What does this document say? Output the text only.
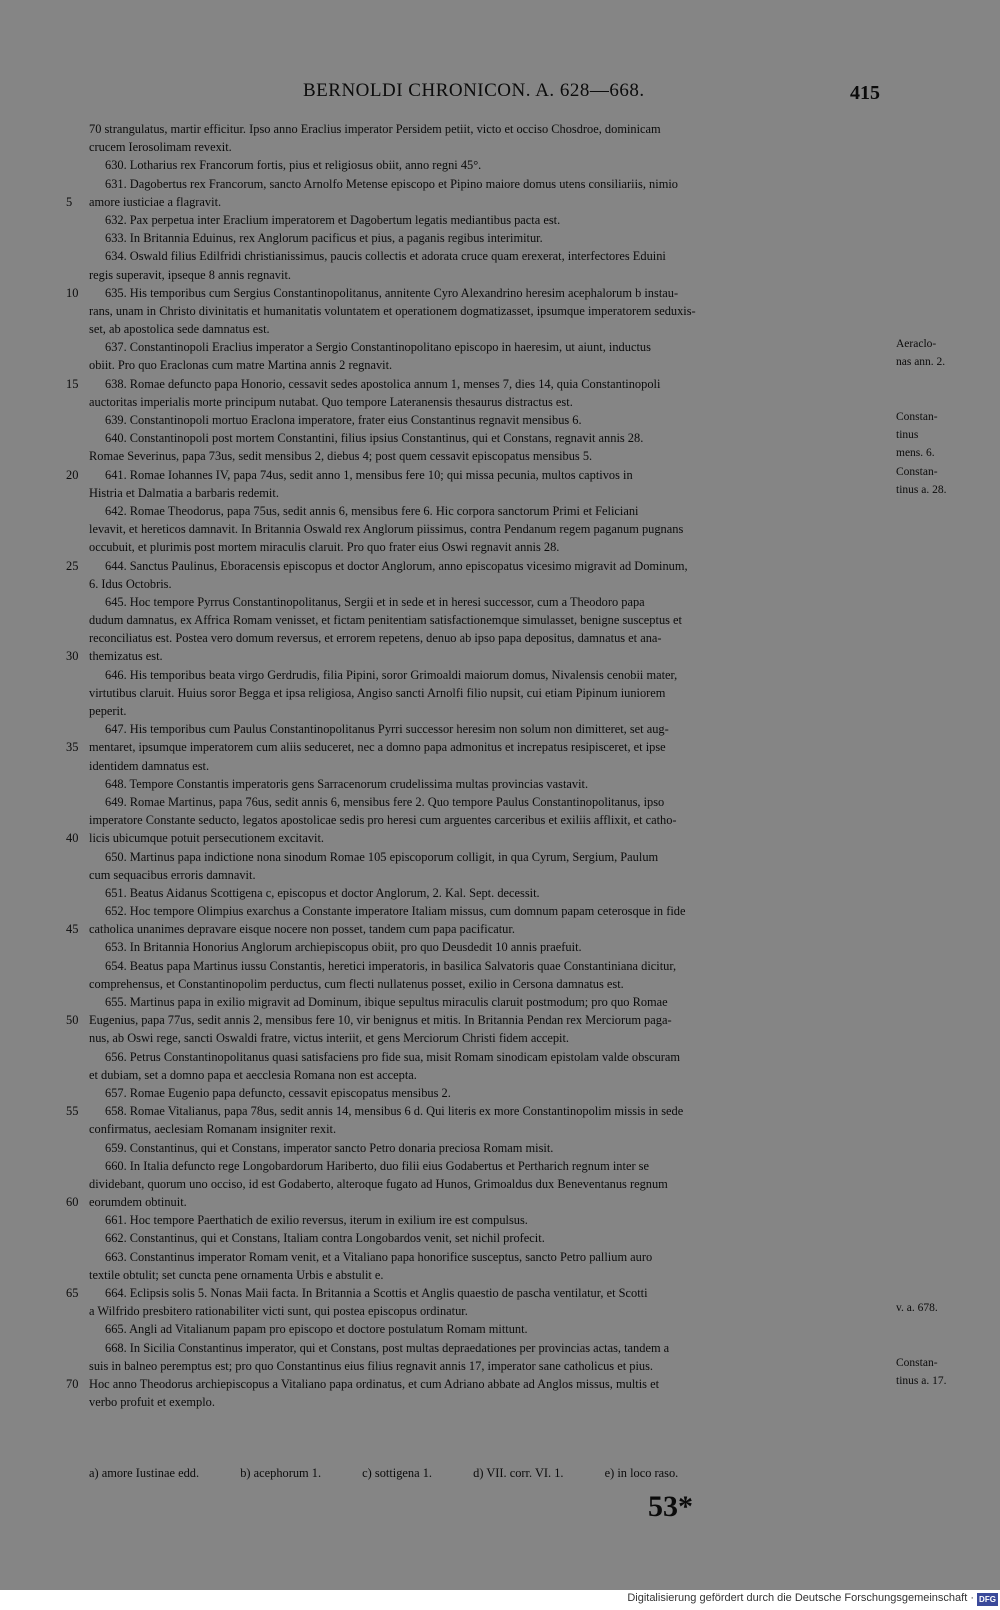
BERNOLDI CHRONICON. A. 628—668.	415
70 strangulatus, martir efficitur. Ipso anno Eraclius imperator Persidem petiit, victo et occiso Chosdroe, dominicam
crucem Ierosolimam revexit.
630. Lotharius rex Francorum fortis, pius et religiosus obiit, anno regni 45°.
631. Dagobertus rex Francorum, sancto Arnolfo Metense episcopo et Pipino maiore domus utens consiliariis, nimio
5	amore iusticiae a flagravit.
632. Pax perpetua inter Eraclium imperatorem et Dagobertum legatis mediantibus pacta est.
633. In Britannia Eduinus, rex Anglorum pacificus et pius, a paganis regibus interimitur.
634. Oswald filius Edilfridi christianissimus, paucis collectis et adorata cruce quam erexerat, interfectores Eduini
regis superavit, ipseque 8 annis regnavit.
10	635. His temporibus cum Sergius Constantinopolitanus, annitente Cyro Alexandrino heresim acephalorum b instau-
rans, unam in Christo divinitatis et humanitatis voluntatem et operationem dogmatizasset, ipsumque imperatorem seduxis-
set, ab apostolica sede damnatus est.
637. Constantinopoli Eraclius imperator a Sergio Constantinopolitano episcopo in haeresim, ut aiunt, inductus	Aeraclo-
obiit. Pro quo Eraclonas cum matre Martina annis 2 regnavit.	nas ann. 2.
15	638. Romae defuncto papa Honorio, cessavit sedes apostolica annum 1, menses 7, dies 14, quia Constantinopoli
auctoritas imperialis morte principum nutabat. Quo tempore Lateranensis thesaurus distractus est.
639. Constantinopoli mortuo Eraclona imperatore, frater eius Constantinus regnavit mensibus 6.	Constan-
640. Constantinopoli post mortem Constantini, filius ipsius Constantinus, qui et Constans, regnavit annis 28.	tinus
Romae Severinus, papa 73us, sedit mensibus 2, diebus 4; post quem cessavit episcopatus mensibus 5.	mens. 6.
20	641. Romae Iohannes IV, papa 74us, sedit anno 1, mensibus fere 10; qui missa pecunia, multos captivos in	Constan-
Histria et Dalmatia a barbaris redemit.	tinus a. 28.
642. Romae Theodorus, papa 75us, sedit annis 6, mensibus fere 6. Hic corpora sanctorum Primi et Feliciani
levavit, et hereticos damnavit. In Britannia Oswald rex Anglorum piissimus, contra Pendanum regem paganum pugnans
occubuit, et plurimis post mortem miraculis claruit. Pro quo frater eius Oswi regnavit annis 28.
25	644. Sanctus Paulinus, Eboracensis episcopus et doctor Anglorum, anno episcopatus vicesimo migravit ad Dominum,
6. Idus Octobris.
645. Hoc tempore Pyrrus Constantinopolitanus, Sergii et in sede et in heresi successor, cum a Theodoro papa
dudum damnatus, ex Affrica Romam venisset, et fictam penitentiam satisfactionemque simulasset, benigne susceptus et
reconciliatus est. Postea vero domum reversus, et errorem repetens, denuo ab ipso papa depositus, damnatus et ana-
30 themizatus est.
646. His temporibus beata virgo Gerdrudis, filia Pipini, soror Grimoaldi maiorum domus, Nivalensis cenobii mater,
virtutibus claruit. Huius soror Begga et ipsa religiosa, Angiso sancti Arnolfi filio nupsit, cui etiam Pipinum iuniorem
peperit.
647. His temporibus cum Paulus Constantinopolitanus Pyrri successor heresim non solum non dimitteret, set aug-
35 mentaret, ipsumque imperatorem cum aliis seduceret, nec a domno papa admonitus et increpatus resipisceret, et ipse
identidem damnatus est.
648. Tempore Constantis imperatoris gens Sarracenorum crudelissima multas provincias vastavit.
649. Romae Martinus, papa 76us, sedit annis 6, mensibus fere 2. Quo tempore Paulus Constantinopolitanus, ipso
imperatore Constante seducto, legatos apostolicae sedis pro heresi cum arguentes carceribus et exiliis afflixit, et catho-
40 licis ubicumque potuit persecutionem excitavit.
650. Martinus papa indictione nona sinodum Romae 105 episcoporum colligit, in qua Cyrum, Sergium, Paulum
cum sequacibus erroris damnavit.
651. Beatus Aidanus Scottigena c, episcopus et doctor Anglorum, 2. Kal. Sept. decessit.
652. Hoc tempore Olimpius exarchus a Constante imperatore Italiam missus, cum domnum papam ceterosque in fide
45 catholica unanimes depravare eisque nocere non posset, tandem cum papa pacificatur.
653. In Britannia Honorius Anglorum archiepiscopus obiit, pro quo Deusdedit 10 annis praefuit.
654. Beatus papa Martinus iussu Constantis, heretici imperatoris, in basilica Salvatoris quae Constantiniana dicitur,
comprehensus, et Constantinopolim perductus, cum flecti nullatenus posset, exilio in Cersona damnatus est.
655. Martinus papa in exilio migravit ad Dominum, ibique sepultus miraculis claruit postmodum; pro quo Romae
50 Eugenius, papa 77us, sedit annis 2, mensibus fere 10, vir benignus et mitis. In Britannia Pendan rex Merciorum paga-
nus, ab Oswi rege, sancti Oswaldi fratre, victus interiit, et gens Merciorum Christi fidem accepit.
656. Petrus Constantinopolitanus quasi satisfaciens pro fide sua, misit Romam sinodicam epistolam valde obscuram
et dubiam, set a domno papa et aecclesia Romana non est accepta.
657. Romae Eugenio papa defuncto, cessavit episcopatus mensibus 2.
55	658. Romae Vitalianus, papa 78us, sedit annis 14, mensibus 6 d. Qui literis ex more Constantinopolim missis in sede
confirmatus, aeclesiam Romanam insigniter rexit.
659. Constantinus, qui et Constans, imperator sancto Petro donaria preciosa Romam misit.
660. In Italia defuncto rege Longobardorum Hariberto, duo filii eius Godabertus et Pertharich regnum inter se
dividebant, quorum uno occiso, id est Godaberto, alteroque fugato ad Hunos, Grimoaldus dux Beneventanus regnum
60 eorumdem obtinuit.
661. Hoc tempore Paerthatich de exilio reversus, iterum in exilium ire est compulsus.
662. Constantinus, qui et Constans, Italiam contra Longobardos venit, set nichil profecit.
663. Constantinus imperator Romam venit, et a Vitaliano papa honorifice susceptus, sancto Petro pallium auro
textile obtulit; set cuncta pene ornamenta Urbis e abstulit e.
65	664. Eclipsis solis 5. Nonas Maii facta. In Britannia a Scottis et Anglis quaestio de pascha ventilatur, et Scotti
a Wilfrido presbitero rationabiliter victi sunt, qui postea episcopus ordinatur.	v. a. 678.
665. Angli ad Vitalianum papam pro episcopo et doctore postulatum Romam mittunt.
668. In Sicilia Constantinus imperator, qui et Constans, post multas depraedationes per provincias actas, tandem a
suis in balneo peremptus est; pro quo Constantinus eius filius regnavit annis 17, imperator sane catholicus et pius.	Constan-
70 Hoc anno Theodorus archiepiscopus a Vitaliano papa ordinatus, et cum Adriano abbate ad Anglos missus, multis et	tinus a. 17.
verbo profuit et exemplo.
a) amore Iustinae edd.	b) acephorum 1.	c) sottigena 1.	d) VII. corr. VI. 1.	e) in loco raso.
53*
Digitalisierung gefördert durch die Deutsche Forschungsgemeinschaft · DFG
